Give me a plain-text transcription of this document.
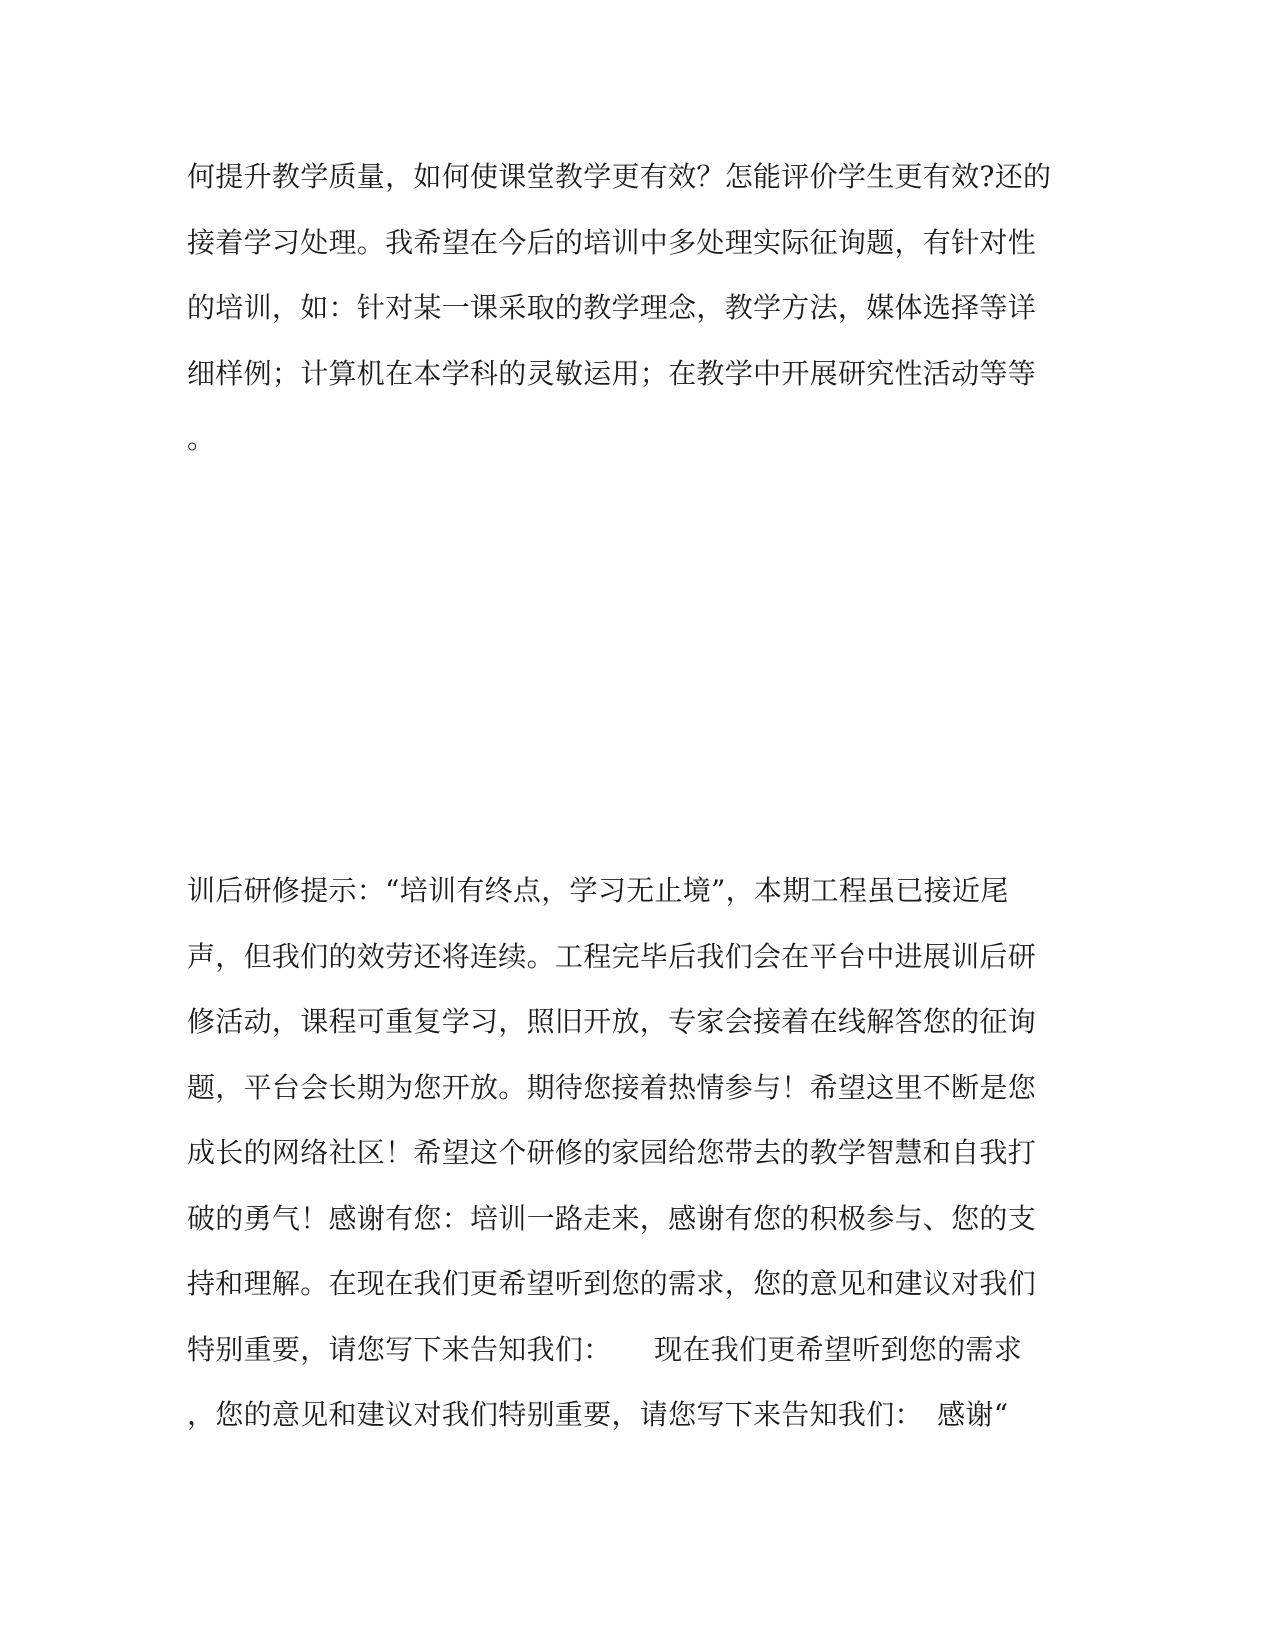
何提升教学质量，如何使课堂教学更有效？怎能评价学生更有效?还的
接着学习处理。我希望在今后的培训中多处理实际征询题，有针对性
的培训，如：针对某一课采取的教学理念，教学方法，媒体选择等详
细样例；计算机在本学科的灵敏运用；在教学中开展研究性活动等等
。

训后研修提示：“培训有终点，学习无止境”，本期工程虽已接近尾
声，但我们的效劳还将连续。工程完毕后我们会在平台中进展训后研
修活动，课程可重复学习，照旧开放，专家会接着在线解答您的征询
题，平台会长期为您开放。期待您接着热情参与！希望这里不断是您
成长的网络社区！希望这个研修的家园给您带去的教学智慧和自我打
破的勇气！感谢有您：培训一路走来，感谢有您的积极参与、您的支
持和理解。在现在我们更希望听到您的需求，您的意见和建议对我们
特别重要，请您写下来告知我们：　　现在我们更希望听到您的需求
，您的意见和建议对我们特别重要，请您写下来告知我们：　感谢“
